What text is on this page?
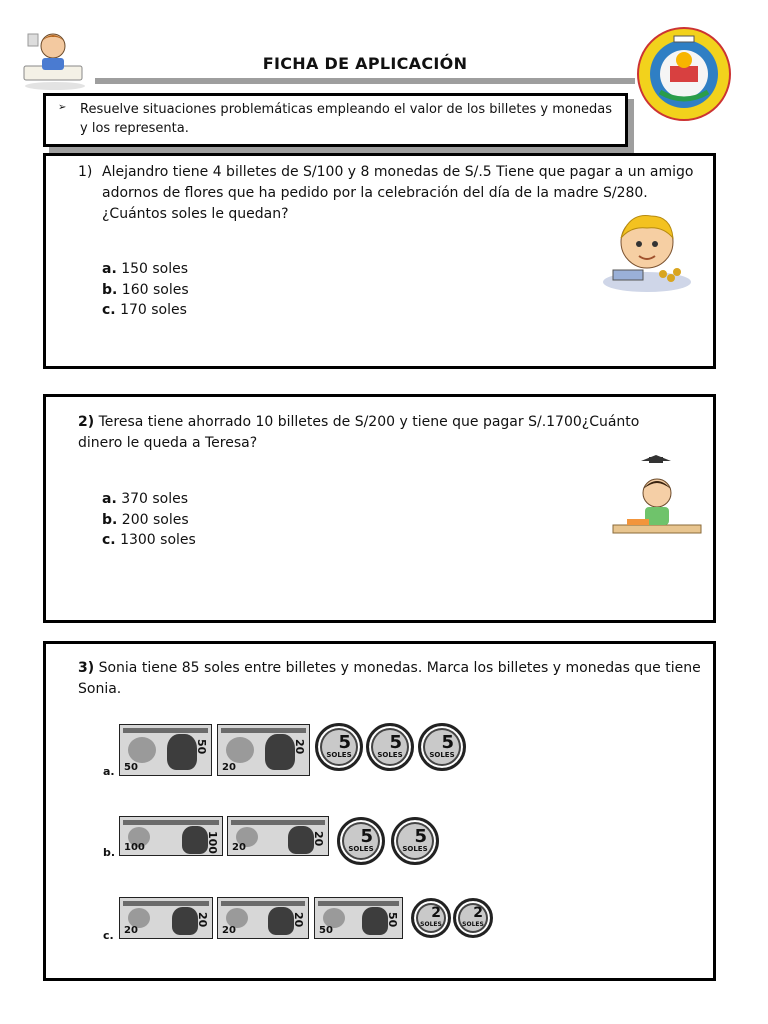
FICHA DE APLICACIÓN
➢ Resuelve situaciones problemáticas empleando el valor de los billetes y monedas y los representa.
1) Alejandro tiene 4 billetes de S/100 y 8 monedas de S/.5 Tiene que pagar a un amigo adornos de flores que ha pedido por la celebración del día de la madre S/280. ¿Cuántos soles le quedan?
a. 150 soles
b. 160 soles
c. 170 soles
2) Teresa tiene ahorrado 10 billetes de S/200 y tiene que pagar S/.1700¿Cuánto dinero le queda a Teresa?
a. 370 soles
b. 200 soles
c. 1300 soles
3) Sonia tiene 85 soles entre billetes y monedas. Marca los billetes y monedas que tiene Sonia.
a.
50
50
20
20
5
SOLES
5
SOLES
5
SOLES
b.	100
100
20
20
5
SOLES
5
SOLES
c.
20
20
20
20
50
50
2
SOLES
2
SOLES
